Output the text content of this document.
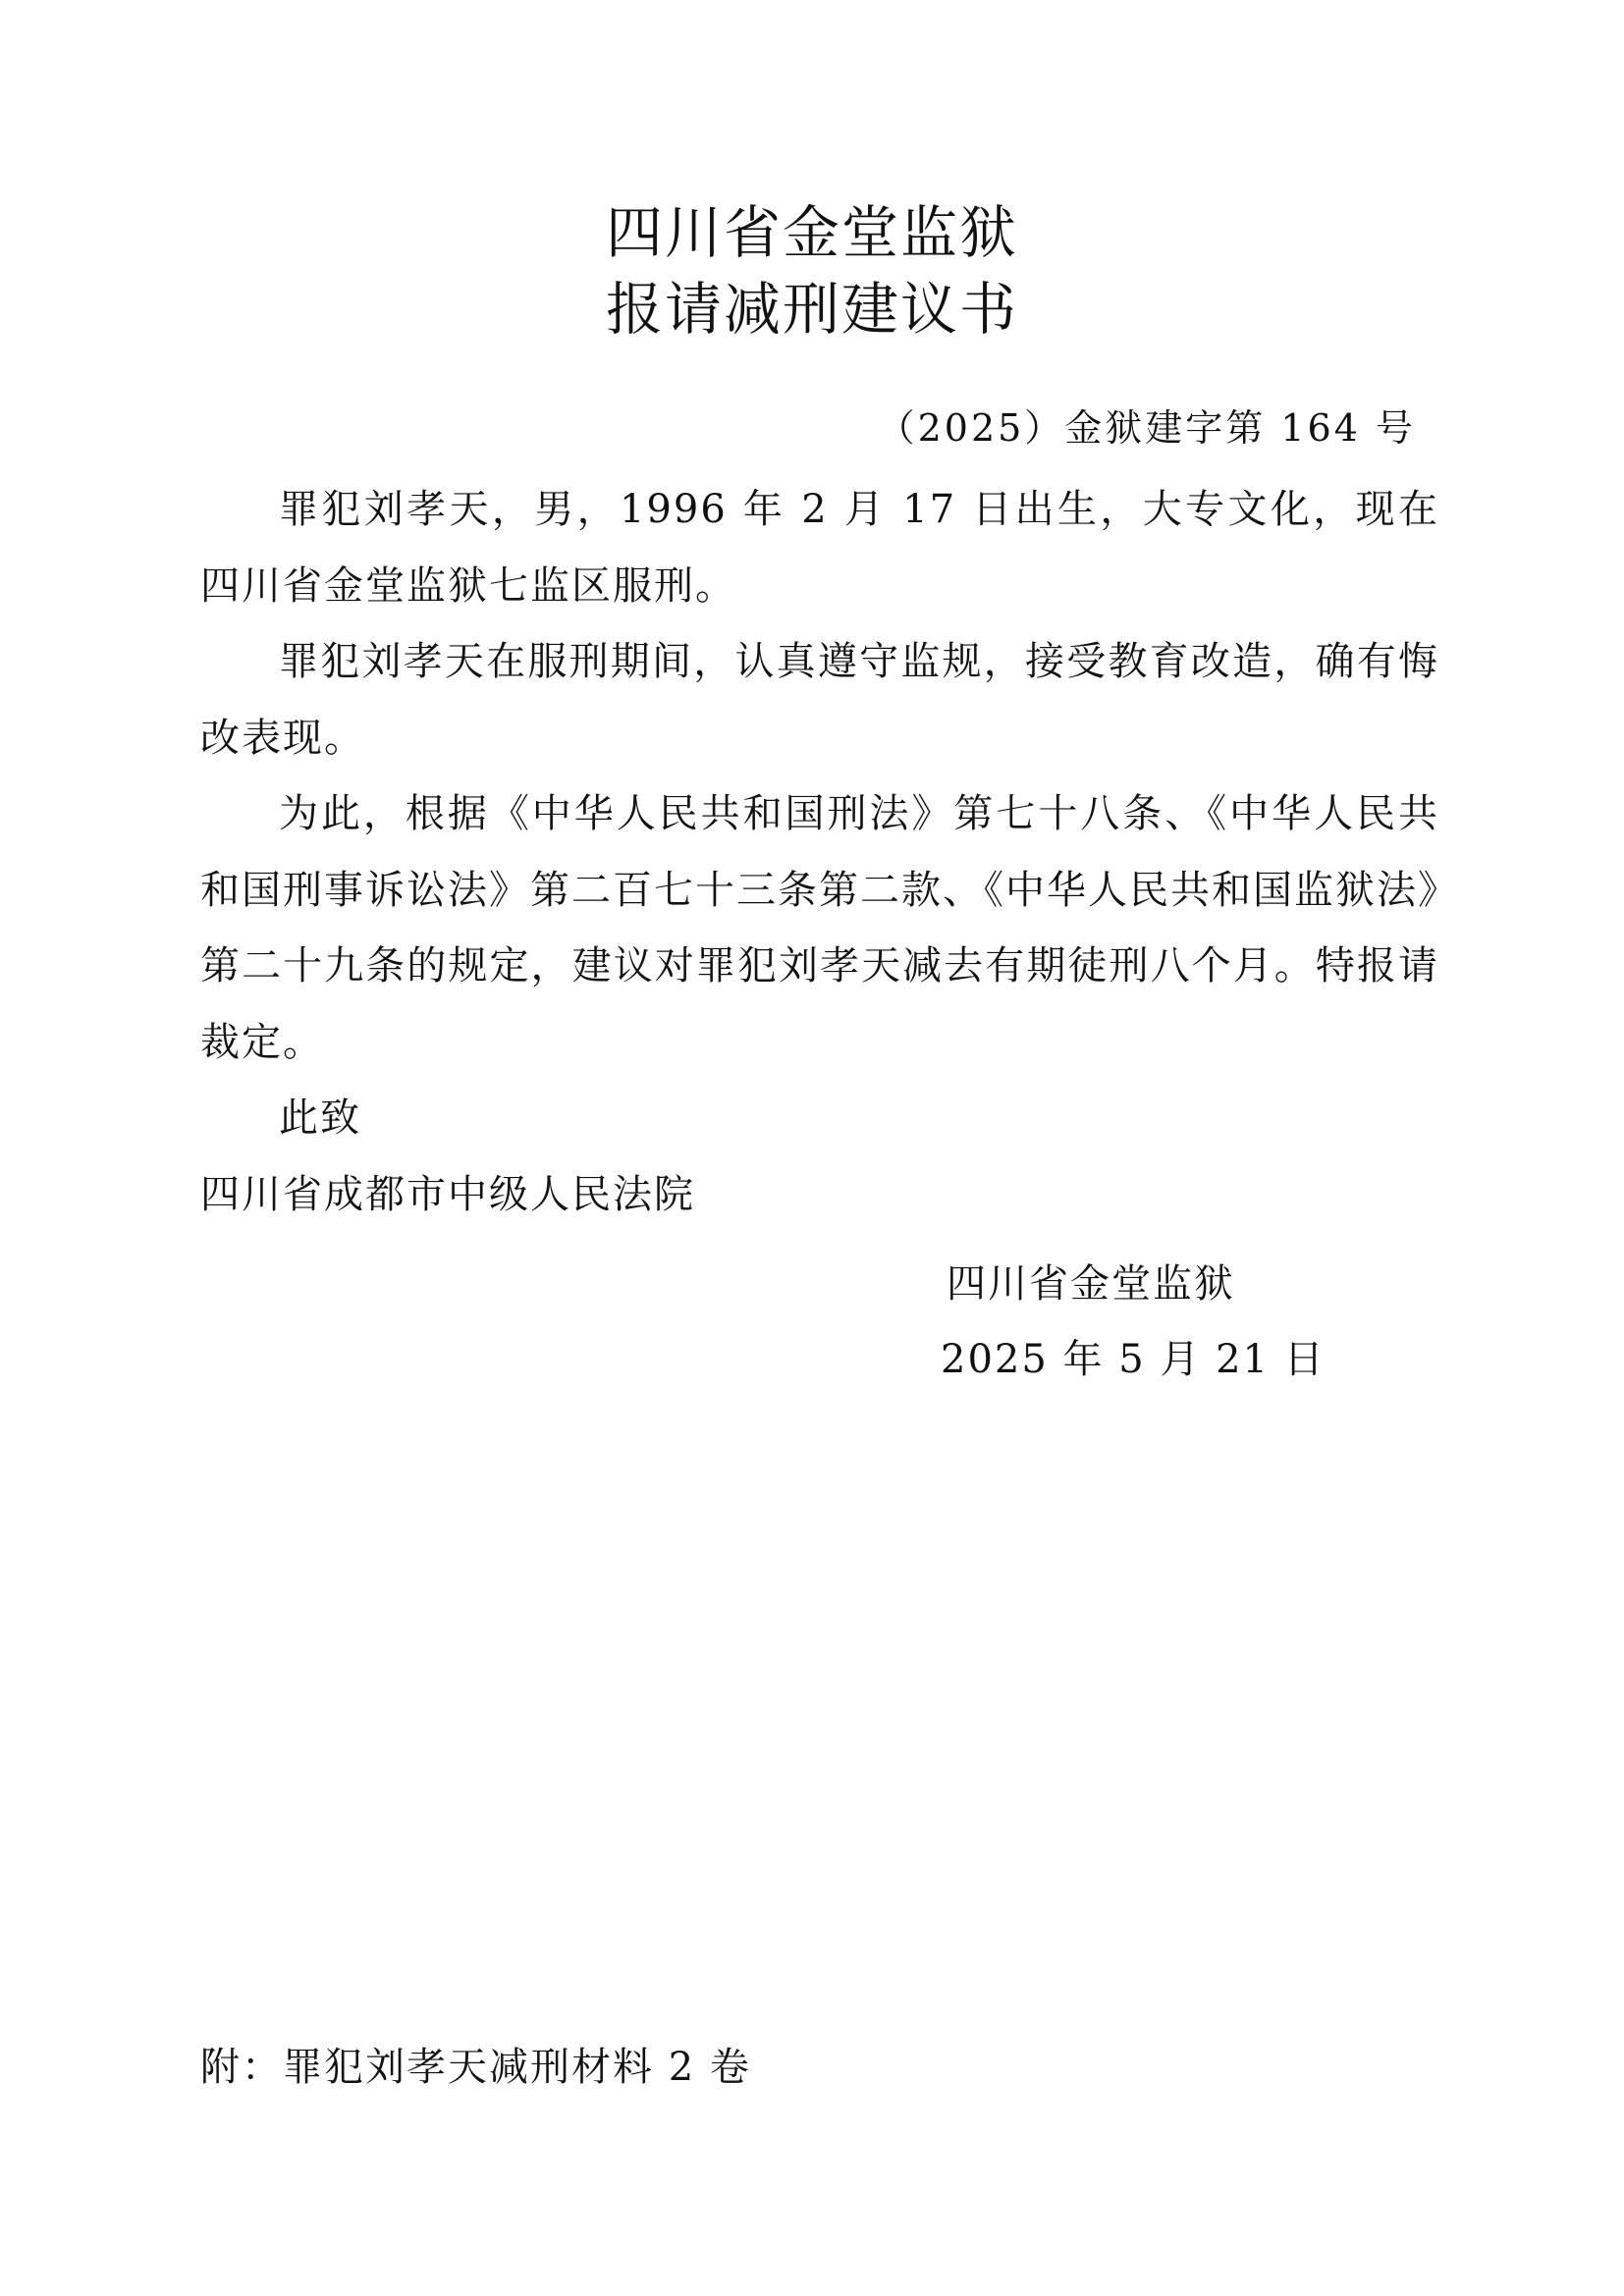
四川省金堂监狱
报请减刑建议书
（2025）金狱建字第 164 号

罪犯刘孝天，男，1996 年 2 月 17 日出生，大专文化，现在四川省金堂监狱七监区服刑。

罪犯刘孝天在服刑期间，认真遵守监规，接受教育改造，确有悔改表现。

为此，根据《中华人民共和国刑法》第七十八条、《中华人民共和国刑事诉讼法》第二百七十三条第二款、《中华人民共和国监狱法》第二十九条的规定，建议对罪犯刘孝天减去有期徒刑八个月。特报请裁定。

此致

四川省成都市中级人民法院

四川省金堂监狱
2025 年 5 月 21 日
附：罪犯刘孝天减刑材料 2 卷
